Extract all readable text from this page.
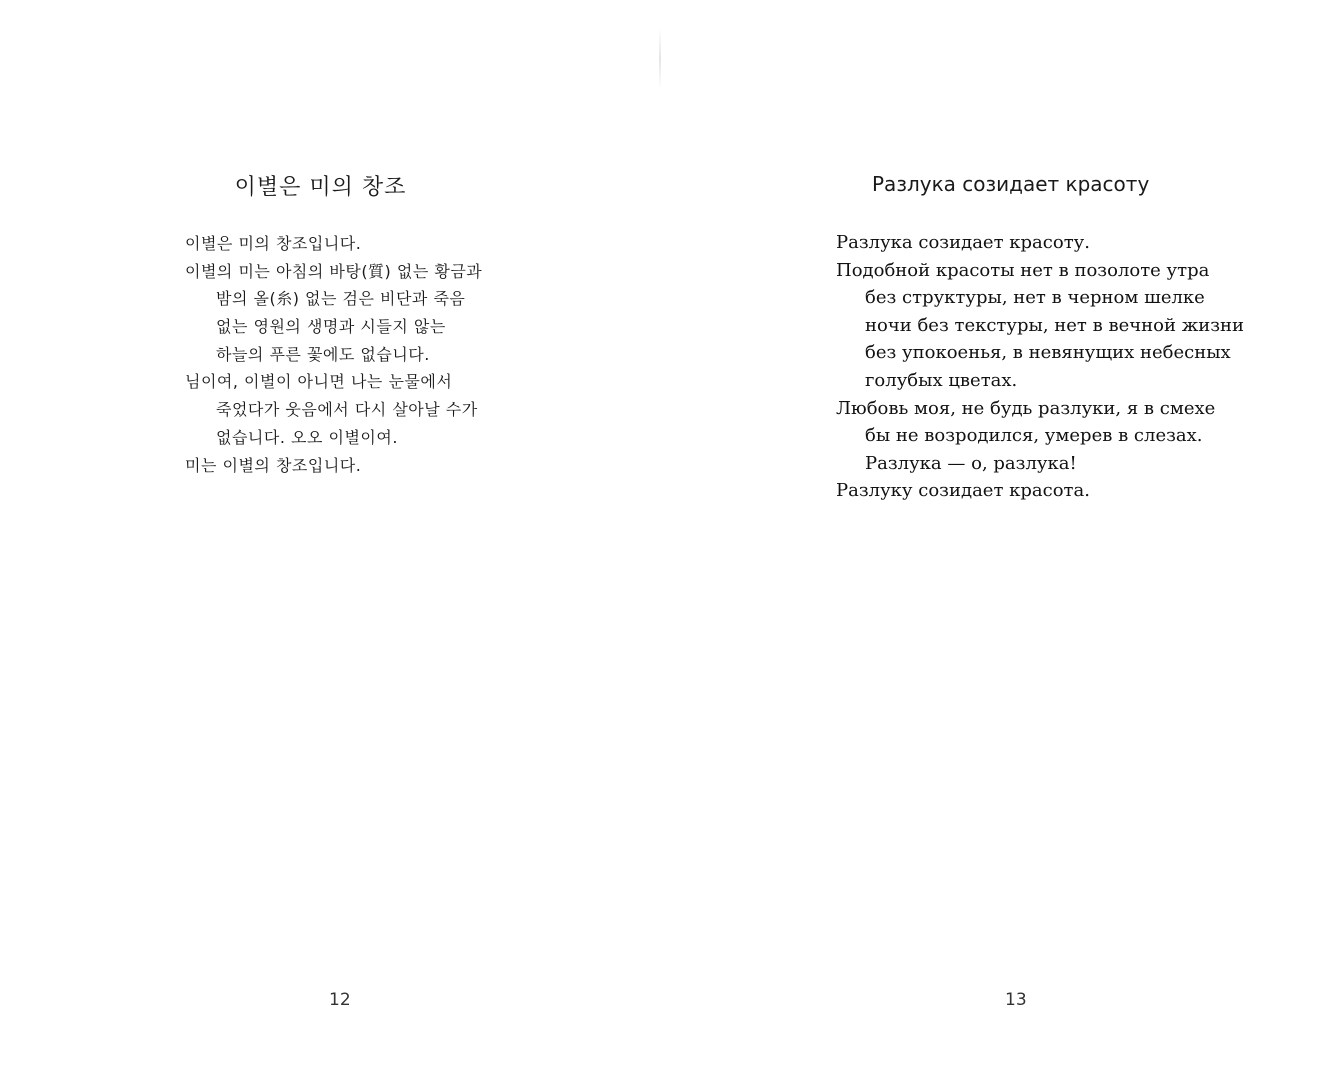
이별은 미의 창조
이별은 미의 창조입니다.
이별의 미는 아침의 바탕(質) 없는 황금과
밤의 올(糸) 없는 검은 비단과 죽음
없는 영원의 생명과 시들지 않는
하늘의 푸른 꽃에도 없습니다.
님이여, 이별이 아니면 나는 눈물에서
죽었다가 웃음에서 다시 살아날 수가
없습니다. 오오 이별이여.
미는 이별의 창조입니다.
12
Разлука созидает красоту
Разлука созидает красоту.
Подобной красоты нет в позолоте утра
без структуры, нет в черном шелке
ночи без текстуры, нет в вечной жизни
без упокоенья, в невянущих небесных
голубых цветах.
Любовь моя, не будь разлуки, я в смехе
бы не возродился, умерев в слезах.
Разлука — о, разлука!
Разлуку созидает красота.
13
